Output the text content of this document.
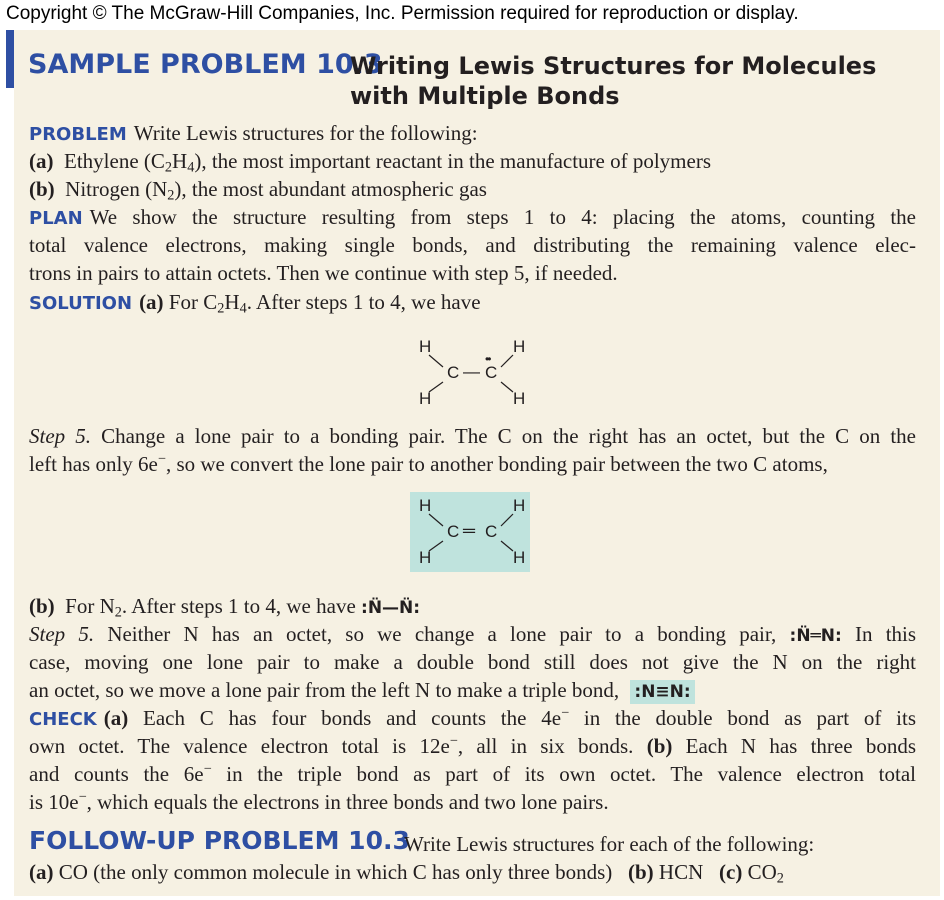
Copyright © The McGraw-Hill Companies, Inc. Permission required for reproduction or display.
SAMPLE PROBLEM 10.3
Writing Lewis Structures for Molecules
with Multiple Bonds
PROBLEM Write Lewis structures for the following:
(a) Ethylene $(C_2H_4)$, the most important reactant in the manufacture of polymers
(b) Nitrogen $(N_2)$, the most abundant atmospheric gas
PLAN We show the structure resulting from steps 1 to 4: placing the atoms, counting the
total valence electrons, making single bonds, and distributing the remaining valence elec-
trons in pairs to attain octets. Then we continue with step 5, if needed.
SOLUTION (a) For $C_2H_4$. After steps 1 to 4, we have
H
H
C — C
••
H
H
Step 5. Change a lone pair to a bonding pair. The C on the right has an octet, but the C on the
left has only 6e−, so we convert the lone pair to another bonding pair between the two C atoms,
H
H
C ═ C
H
H
(b) For $N_2$. After steps 1 to 4, we have :N̈—N̈:
Step 5. Neither N has an octet, so we change a lone pair to a bonding pair, :N̈═N: In this
case, moving one lone pair to make a double bond still does not give the N on the right
an octet, so we move a lone pair from the left N to make a triple bond, :N≡N:
CHECK (a) Each C has four bonds and counts the 4e− in the double bond as part of its
own octet. The valence electron total is 12e−, all in six bonds. (b) Each N has three bonds
and counts the 6e− in the triple bond as part of its own octet. The valence electron total
is 10e−, which equals the electrons in three bonds and two lone pairs.
FOLLOW-UP PROBLEM 10.3
Write Lewis structures for each of the following:
(a) CO (the only common molecule in which C has only three bonds) (b) HCN (c) $CO_2$
